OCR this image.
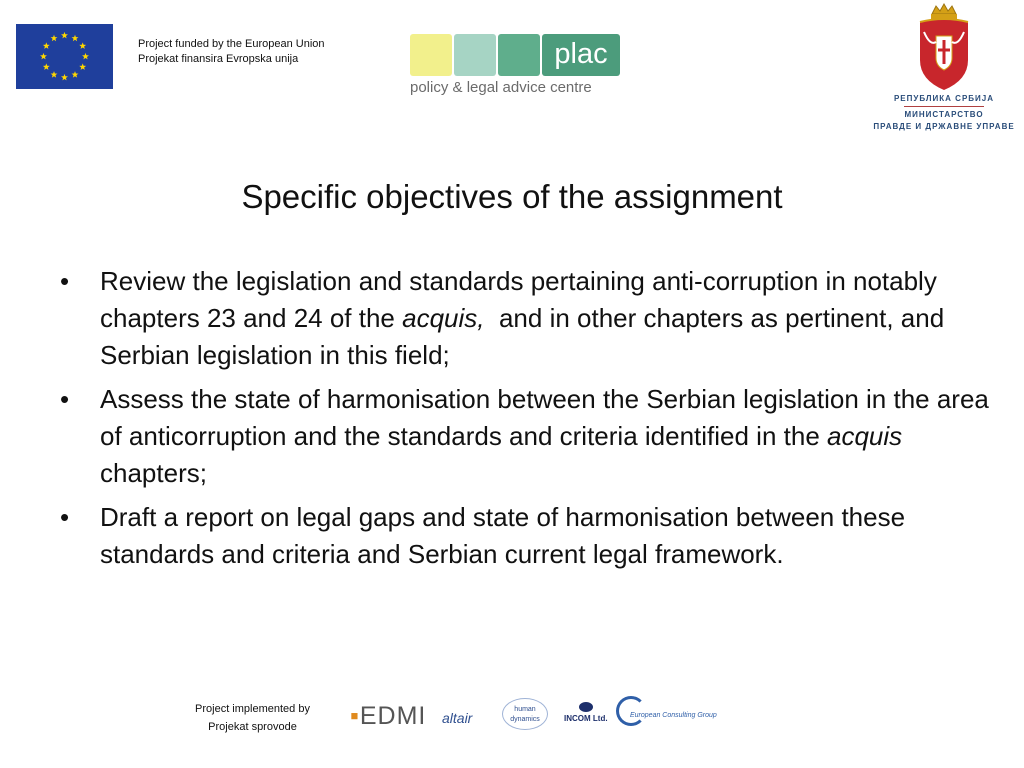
Project funded by the European Union
Projekat finansira Evropska unija	plac
policy & legal advice centre
РЕПУБЛИКА СРБИЈА
МИНИСТАРСТВО
ПРАВДЕ И ДРЖАВНЕ УПРАВЕ
Specific objectives of the assignment
• Review the legislation and standards pertaining anti-corruption in notably chapters 23 and 24 of the acquis,  and in other chapters as pertinent, and Serbian legislation in this field;
• Assess the state of harmonisation between the Serbian legislation in the area of anticorruption and the standards and criteria identified in the acquis chapters;
• Draft a report on legal gaps and state of harmonisation between these standards and criteria and Serbian current legal framework.
Project implemented by
Projekat sprovode	▪EDMI altair
human dynamics	INCOM Ltd.	European Consulting Group
